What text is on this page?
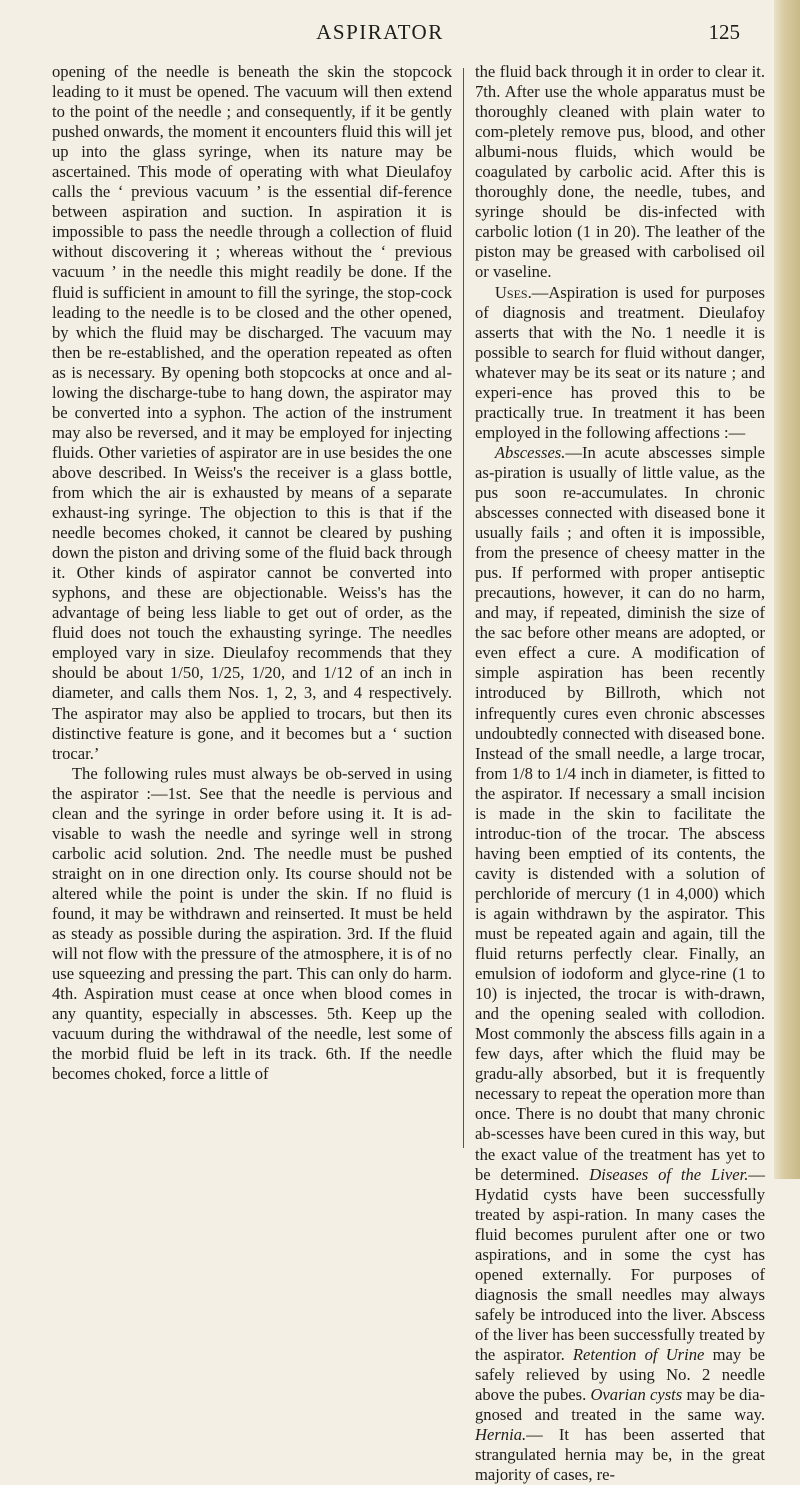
ASPIRATOR	125

opening of the needle is beneath the skin the stopcock leading to it must be opened. The vacuum will then extend to the point of the needle ; and consequently, if it be gently pushed onwards, the moment it encounters fluid this will jet up into the glass syringe, when its nature may be ascertained. This mode of operating with what Dieulafoy calls the ‘ previous vacuum ’ is the essential dif-ference between aspiration and suction. In aspiration it is impossible to pass the needle through a collection of fluid without discovering it ; whereas without the ‘ previous vacuum ’ in the needle this might readily be done. If the fluid is sufficient in amount to fill the syringe, the stop-cock leading to the needle is to be closed and the other opened, by which the fluid may be discharged. The vacuum may then be re-established, and the operation repeated as often as is necessary. By opening both stopcocks at once and al-lowing the discharge-tube to hang down, the aspirator may be converted into a syphon. The action of the instrument may also be reversed, and it may be employed for injecting fluids. Other varieties of aspirator are in use besides the one above described. In Weiss's the receiver is a glass bottle, from which the air is exhausted by means of a separate exhaust-ing syringe. The objection to this is that if the needle becomes choked, it cannot be cleared by pushing down the piston and driving some of the fluid back through it. Other kinds of aspirator cannot be converted into syphons, and these are objectionable. Weiss's has the advantage of being less liable to get out of order, as the fluid does not touch the exhausting syringe. The needles employed vary in size. Dieulafoy recommends that they should be about 1/50, 1/25, 1/20, and 1/12 of an inch in diameter, and calls them Nos. 1, 2, 3, and 4 respectively. The aspirator may also be applied to trocars, but then its distinctive feature is gone, and it becomes but a ‘ suction trocar.’

The following rules must always be ob-served in using the aspirator :—1st. See that the needle is pervious and clean and the syringe in order before using it. It is ad-visable to wash the needle and syringe well in strong carbolic acid solution. 2nd. The needle must be pushed straight on in one direction only. Its course should not be altered while the point is under the skin. If no fluid is found, it may be withdrawn and reinserted. It must be held as steady as possible during the aspiration. 3rd. If the fluid will not flow with the pressure of the atmosphere, it is of no use squeezing and pressing the part. This can only do harm. 4th. Aspiration must cease at once when blood comes in any quantity, especially in abscesses. 5th. Keep up the vacuum during the withdrawal of the needle, lest some of the morbid fluid be left in its track. 6th. If the needle becomes choked, force a little of

the fluid back through it in order to clear it. 7th. After use the whole apparatus must be thoroughly cleaned with plain water to com-pletely remove pus, blood, and other albumi-nous fluids, which would be coagulated by carbolic acid. After this is thoroughly done, the needle, tubes, and syringe should be dis-infected with carbolic lotion (1 in 20). The leather of the piston may be greased with carbolised oil or vaseline.

Uses.—Aspiration is used for purposes of diagnosis and treatment. Dieulafoy asserts that with the No. 1 needle it is possible to search for fluid without danger, whatever may be its seat or its nature ; and experi-ence has proved this to be practically true. In treatment it has been employed in the following affections :—

Abscesses.—In acute abscesses simple as-piration is usually of little value, as the pus soon re-accumulates. In chronic abscesses connected with diseased bone it usually fails ; and often it is impossible, from the presence of cheesy matter in the pus. If performed with proper antiseptic precautions, however, it can do no harm, and may, if repeated, diminish the size of the sac before other means are adopted, or even effect a cure. A modification of simple aspiration has been recently introduced by Billroth, which not infrequently cures even chronic abscesses undoubtedly connected with diseased bone. Instead of the small needle, a large trocar, from 1/8 to 1/4 inch in diameter, is fitted to the aspirator. If necessary a small incision is made in the skin to facilitate the introduc-tion of the trocar. The abscess having been emptied of its contents, the cavity is distended with a solution of perchloride of mercury (1 in 4,000) which is again withdrawn by the aspirator. This must be repeated again and again, till the fluid returns perfectly clear. Finally, an emulsion of iodoform and glyce-rine (1 to 10) is injected, the trocar is with-drawn, and the opening sealed with collodion. Most commonly the abscess fills again in a few days, after which the fluid may be gradu-ally absorbed, but it is frequently necessary to repeat the operation more than once. There is no doubt that many chronic ab-scesses have been cured in this way, but the exact value of the treatment has yet to be determined. Diseases of the Liver.—Hydatid cysts have been successfully treated by aspi-ration. In many cases the fluid becomes purulent after one or two aspirations, and in some the cyst has opened externally. For purposes of diagnosis the small needles may always safely be introduced into the liver. Abscess of the liver has been successfully treated by the aspirator. Retention of Urine may be safely relieved by using No. 2 needle above the pubes. Ovarian cysts may be dia-gnosed and treated in the same way. Hernia.— It has been asserted that strangulated hernia may be, in the great majority of cases, re-
